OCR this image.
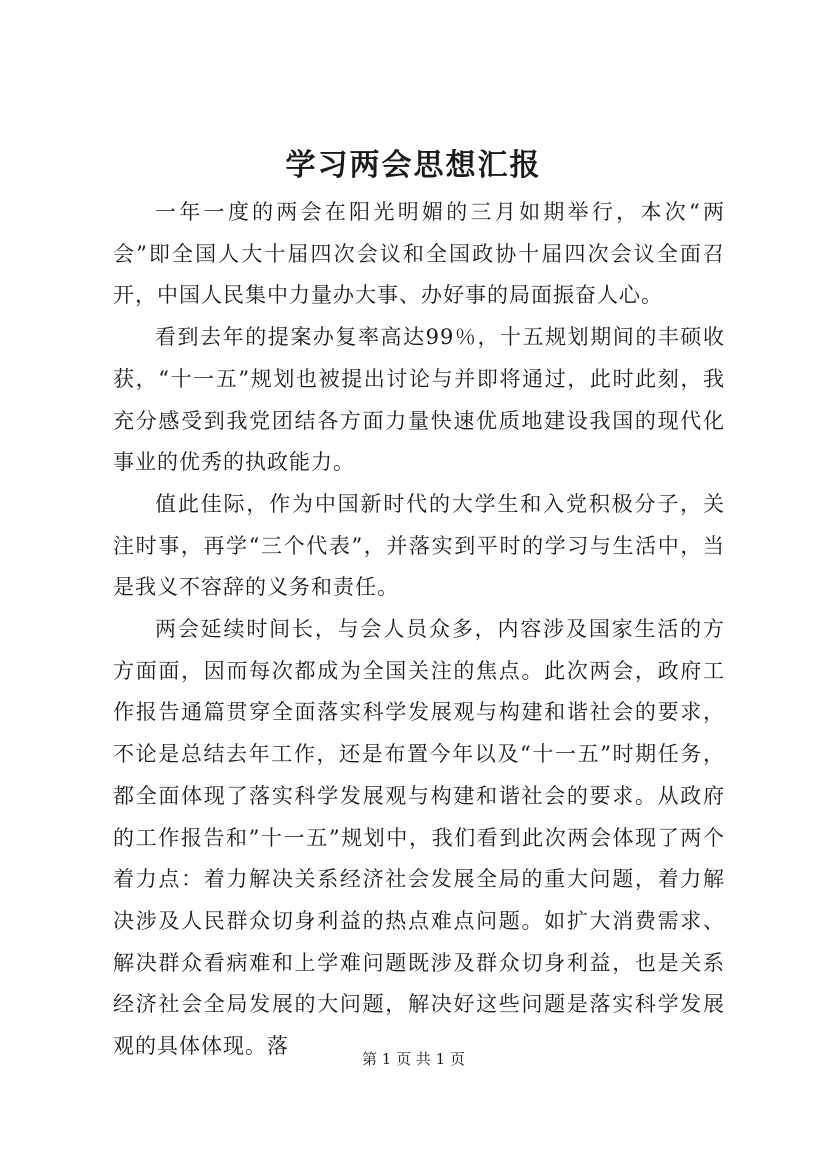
学习两会思想汇报

一年一度的两会在阳光明媚的三月如期举行，本次“两会”即全国人大十届四次会议和全国政协十届四次会议全面召开，中国人民集中力量办大事、办好事的局面振奋人心。

看到去年的提案办复率高达99％，十五规划期间的丰硕收获，“十一五”规划也被提出讨论与并即将通过，此时此刻，我充分感受到我党团结各方面力量快速优质地建设我国的现代化事业的优秀的执政能力。

值此佳际，作为中国新时代的大学生和入党积极分子，关注时事，再学“三个代表”，并落实到平时的学习与生活中，当是我义不容辞的义务和责任。

两会延续时间长，与会人员众多，内容涉及国家生活的方方面面，因而每次都成为全国关注的焦点。此次两会，政府工作报告通篇贯穿全面落实科学发展观与构建和谐社会的要求，不论是总结去年工作，还是布置今年以及“十一五”时期任务，都全面体现了落实科学发展观与构建和谐社会的要求。从政府的工作报告和”十一五”规划中，我们看到此次两会体现了两个着力点：着力解决关系经济社会发展全局的重大问题，着力解决涉及人民群众切身利益的热点难点问题。如扩大消费需求、解决群众看病难和上学难问题既涉及群众切身利益，也是关系经济社会全局发展的大问题，解决好这些问题是落实科学发展观的具体体现。落

第 1 页 共 1 页
